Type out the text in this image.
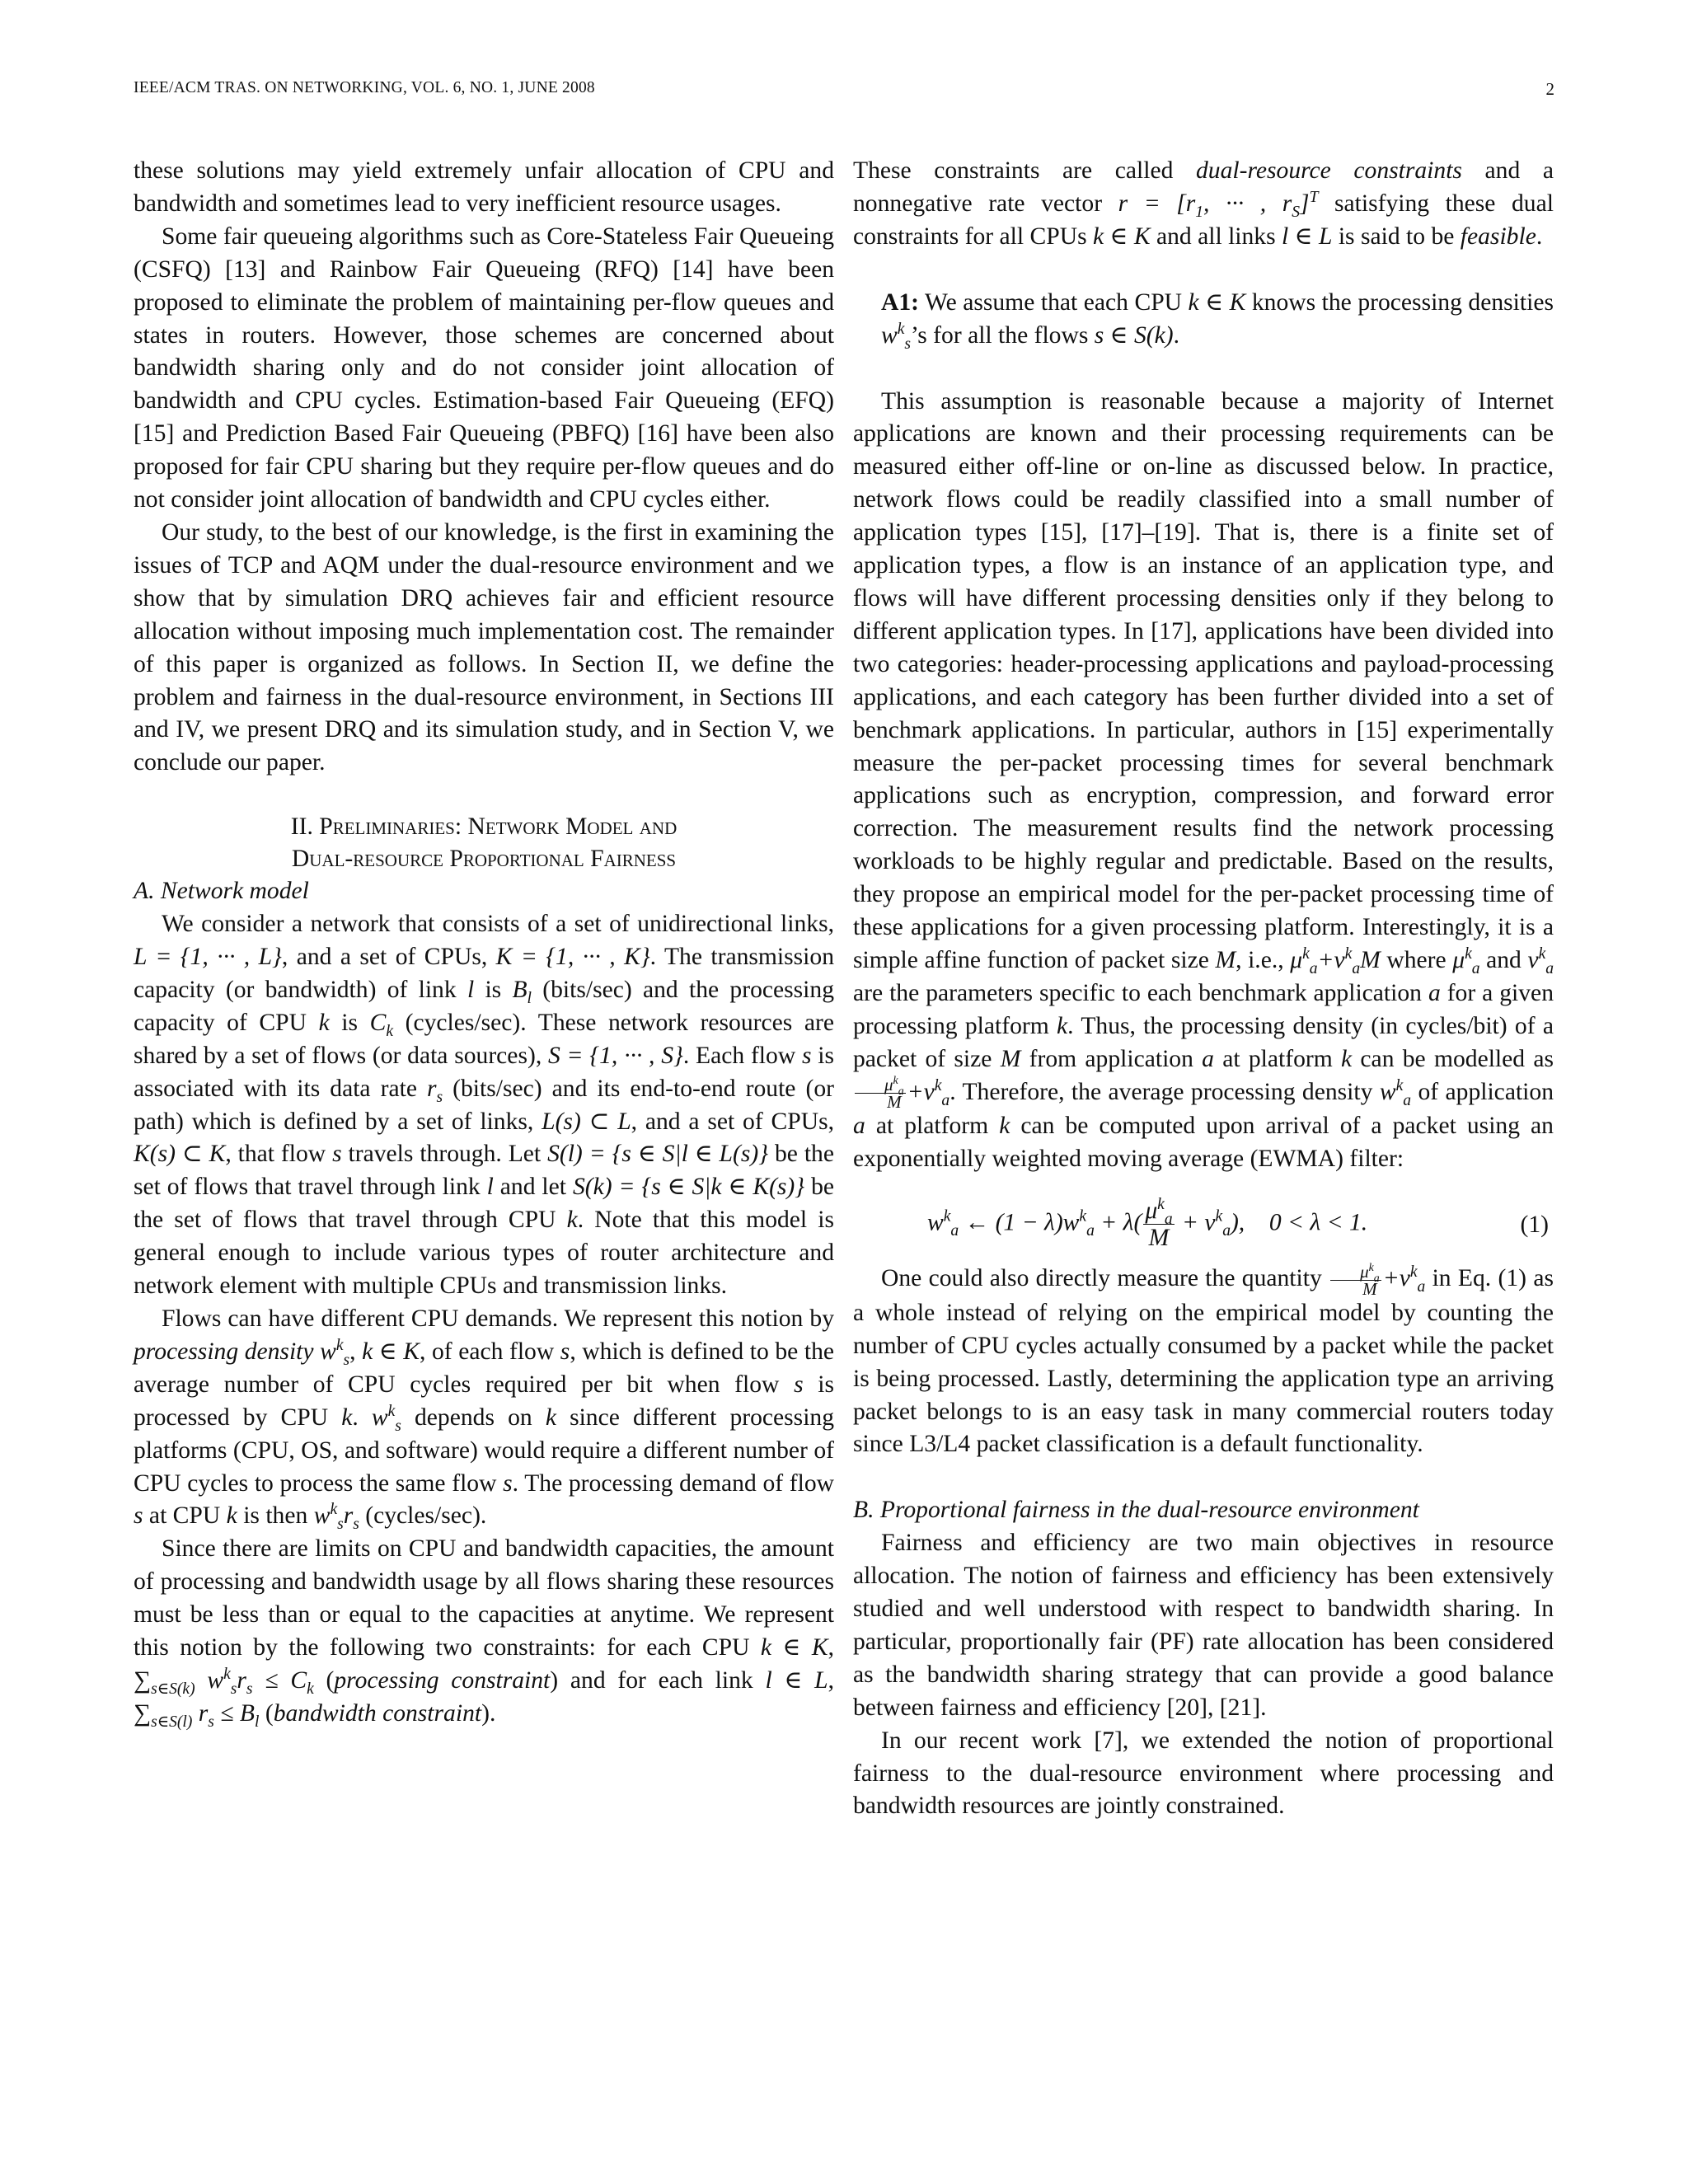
IEEE/ACM TRAS. ON NETWORKING, VOL. 6, NO. 1, JUNE 2008	2

these solutions may yield extremely unfair allocation of CPU and bandwidth and sometimes lead to very inefficient resource usages.

Some fair queueing algorithms such as Core-Stateless Fair Queueing (CSFQ) [13] and Rainbow Fair Queueing (RFQ) [14] have been proposed to eliminate the problem of maintaining per-flow queues and states in routers. However, those schemes are concerned about bandwidth sharing only and do not consider joint allocation of bandwidth and CPU cycles. Estimation-based Fair Queueing (EFQ) [15] and Prediction Based Fair Queueing (PBFQ) [16] have been also proposed for fair CPU sharing but they require per-flow queues and do not consider joint allocation of bandwidth and CPU cycles either.

Our study, to the best of our knowledge, is the first in examining the issues of TCP and AQM under the dual-resource environment and we show that by simulation DRQ achieves fair and efficient resource allocation without imposing much implementation cost. The remainder of this paper is organized as follows. In Section II, we define the problem and fairness in the dual-resource environment, in Sections III and IV, we present DRQ and its simulation study, and in Section V, we conclude our paper.

II. Preliminaries: Network Model and
Dual-resource Proportional Fairness

A. Network model

We consider a network that consists of a set of unidirectional links, L = {1, ··· , L}, and a set of CPUs, K = {1, ··· , K}. The transmission capacity (or bandwidth) of link l is $B_l$ (bits/sec) and the processing capacity of CPU k is $C_k$ (cycles/sec). These network resources are shared by a set of flows (or data sources), S = {1, ··· , S}. Each flow s is associated with its data rate $r_s$ (bits/sec) and its end-to-end route (or path) which is defined by a set of links, L(s) ⊂ L, and a set of CPUs, K(s) ⊂ K, that flow s travels through. Let S(l) = {s ∈ S|l ∈ L(s)} be the set of flows that travel through link l and let S(k) = {s ∈ S|k ∈ K(s)} be the set of flows that travel through CPU k. Note that this model is general enough to include various types of router architecture and network element with multiple CPUs and transmission links.

Flows can have different CPU demands. We represent this notion by processing density $w^k_s$, k ∈ K, of each flow s, which is defined to be the average number of CPU cycles required per bit when flow s is processed by CPU k. $w^k_s$ depends on k since different processing platforms (CPU, OS, and software) would require a different number of CPU cycles to process the same flow s. The processing demand of flow s at CPU k is then $w^k_sr_s$ (cycles/sec).

Since there are limits on CPU and bandwidth capacities, the amount of processing and bandwidth usage by all flows sharing these resources must be less than or equal to the capacities at anytime. We represent this notion by the following two constraints: for each CPU k ∈ K, $\sum_{s\in S(k)}$ $w^k_sr_s \le C_k$ (processing constraint) and for each link l ∈ L, $\sum_{s\in S(l)}$ $r_s \le B_l$ (bandwidth constraint).

These constraints are called dual-resource constraints and a nonnegative rate vector $r = [r_1$, ··· , $r_S]^T$ satisfying these dual constraints for all CPUs k ∈ K and all links l ∈ L is said to be feasible.

A1: We assume that each CPU k ∈ K knows the processing densities $w^k_s’s$ for all the flows s ∈ S(k).

This assumption is reasonable because a majority of Internet applications are known and their processing requirements can be measured either off-line or on-line as discussed below. In practice, network flows could be readily classified into a small number of application types [15], [17]–[19]. That is, there is a finite set of application types, a flow is an instance of an application type, and flows will have different processing densities only if they belong to different application types. In [17], applications have been divided into two categories: header-processing applications and payload-processing applications, and each category has been further divided into a set of benchmark applications. In particular, authors in [15] experimentally measure the per-packet processing times for several benchmark applications such as encryption, compression, and forward error correction. The measurement results find the network processing workloads to be highly regular and predictable. Based on the results, they propose an empirical model for the per-packet processing time of these applications for a given processing platform. Interestingly, it is a simple affine function of packet size M, i.e., $\mu^k_a+\nu^k_aM$ where $\mu^k_a$ and $\nu^k_a$ are the parameters specific to each benchmark application a for a given processing platform k. Thus, the processing density (in cycles/bit) of a packet of size M from application a at platform k can be modelled as
$\frac{\mu^k_a}{M} +\nu^k_a$. Therefore, the average processing density $w^k_a$ of application a at platform k can be computed upon arrival of a packet using an exponentially weighted moving average (EWMA) filter:

$w^k_a$ ← $(1 - \lambda)w^k_a + \lambda( \frac{\mu^k_a}{M} + \nu^k_a)$, 0 < λ < 1.	(1)

One could also directly measure the quantity $\frac{\mu^k_a}{M} +\nu^k_a$ in Eq. (1) as a whole instead of relying on the empirical model by counting the number of CPU cycles actually consumed by a packet while the packet is being processed. Lastly, determining the application type an arriving packet belongs to is an easy task in many commercial routers today since L3/L4 packet classification is a default functionality.

B. Proportional fairness in the dual-resource environment

Fairness and efficiency are two main objectives in resource allocation. The notion of fairness and efficiency has been extensively studied and well understood with respect to bandwidth sharing. In particular, proportionally fair (PF) rate allocation has been considered as the bandwidth sharing strategy that can provide a good balance between fairness and efficiency [20], [21].

In our recent work [7], we extended the notion of proportional fairness to the dual-resource environment where processing and bandwidth resources are jointly constrained.
